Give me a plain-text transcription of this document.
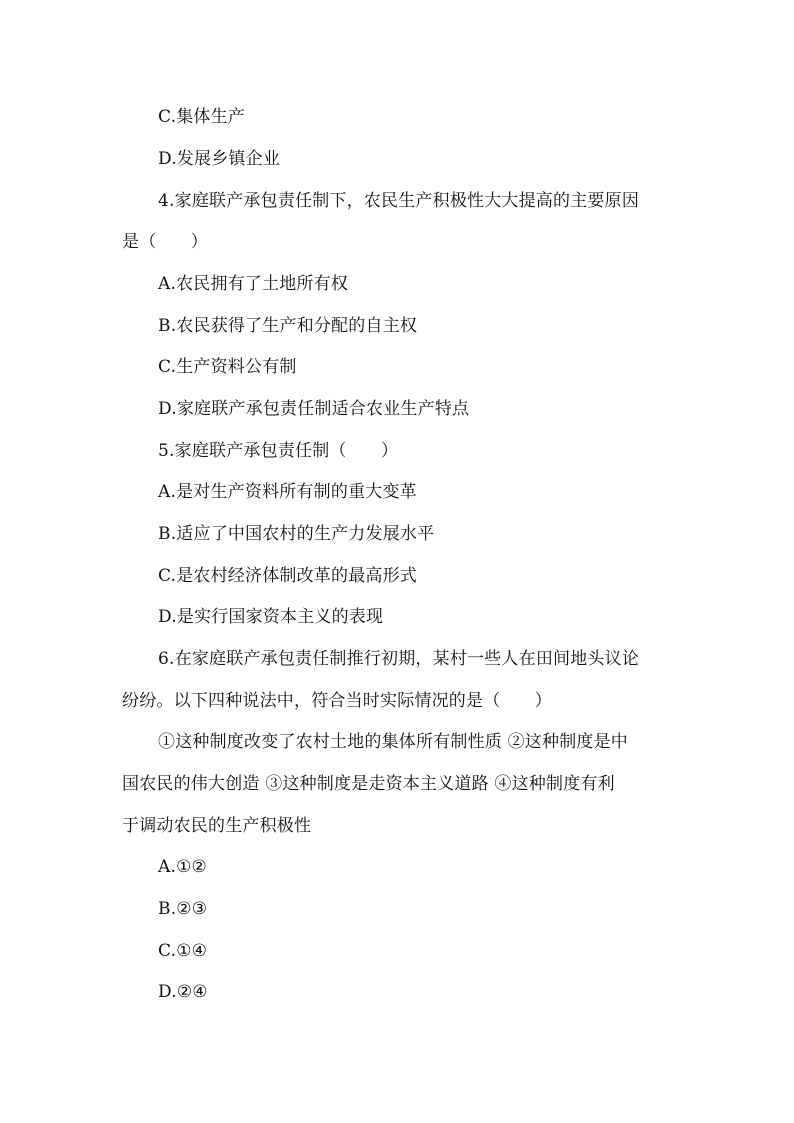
C.集体生产
D.发展乡镇企业
4.家庭联产承包责任制下，农民生产积极性大大提高的主要原因
是（　　）
A.农民拥有了土地所有权
B.农民获得了生产和分配的自主权
C.生产资料公有制
D.家庭联产承包责任制适合农业生产特点
5.家庭联产承包责任制（　　）
A.是对生产资料所有制的重大变革
B.适应了中国农村的生产力发展水平
C.是农村经济体制改革的最高形式
D.是实行国家资本主义的表现
6.在家庭联产承包责任制推行初期，某村一些人在田间地头议论
纷纷。以下四种说法中，符合当时实际情况的是（　　）
①这种制度改变了农村土地的集体所有制性质 ②这种制度是中
国农民的伟大创造 ③这种制度是走资本主义道路 ④这种制度有利
于调动农民的生产积极性
A.①②
B.②③
C.①④
D.②④
